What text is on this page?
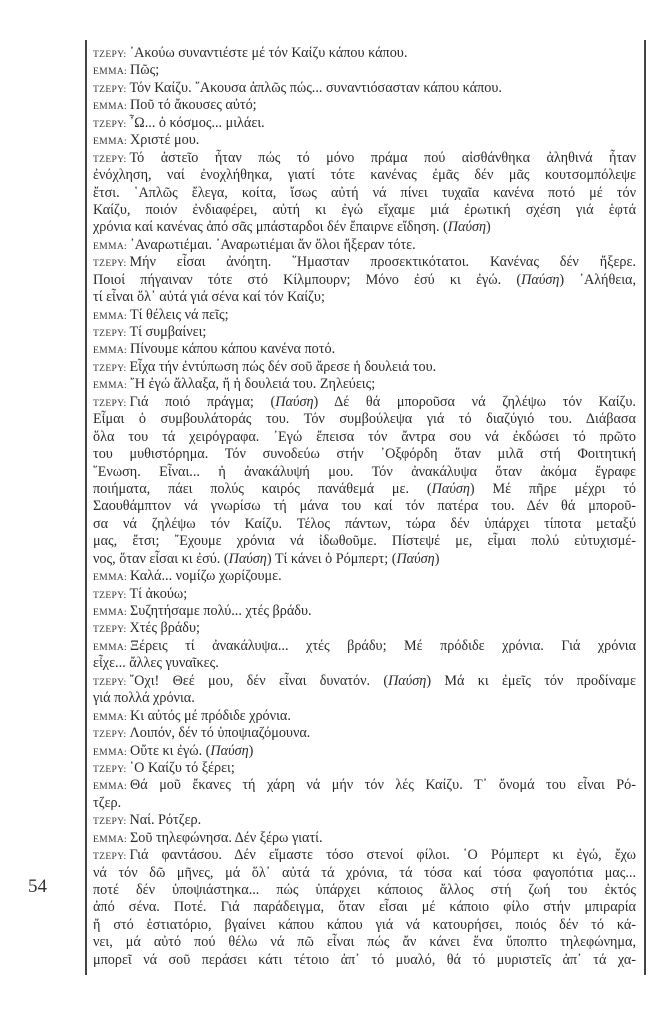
54
ΤΖΕΡΥ: ᾿Ακούω συναντιέστε μέ τόν Καίζυ κάπου κάπου.
ΕΜΜΑ: Πῶς;
ΤΖΕΡΥ: Τόν Καίζυ. ῎Ακουσα ἁπλῶς πώς... συναντιόσασταν κάπου κάπου.
ΕΜΜΑ: Ποῦ τό ἄκουσες αὐτό;
ΤΖΕΡΥ: ῏Ω... ὁ κόσμος... μιλάει.
ΕΜΜΑ: Χριστέ μου.
ΤΖΕΡΥ: Τό ἀστεῖο ἦταν πώς τό μόνο πράμα πού αἰσθάνθηκα ἀληθινά ἦταν
ἐνόχληση, ναί ἐνοχλήθηκα, γιατί τότε κανένας ἐμᾶς δέν μᾶς κουτσομπόλεψε
ἔτσι. ῾Απλῶς ἔλεγα, κοίτα, ἴσως αὐτή νά πίνει τυχαῖα κανένα ποτό μέ τόν
Καίζυ, ποιόν ἐνδιαφέρει, αὐτή κι ἐγώ εἴχαμε μιά ἐρωτική σχέση γιά ἑφτά
χρόνια καί κανένας ἀπό σᾶς μπάσταρδοι δέν ἔπαιρνε εἴδηση. (Παύση)
ΕΜΜΑ: ᾿Αναρωτιέμαι. ᾿Αναρωτιέμαι ἄν ὅλοι ἤξεραν τότε.
ΤΖΕΡΥ: Μήν εἶσαι ἀνόητη. ῞Ημασταν προσεκτικότατοι. Κανένας δέν ἤξερε.
Ποιοί πήγαιναν τότε στό Κίλμπουρν; Μόνο ἐσύ κι ἐγώ. (Παύση) ᾿Αλήθεια,
τί εἶναι ὅλ᾿ αὐτά γιά σένα καί τόν Καίζυ;
ΕΜΜΑ: Τί θέλεις νά πεῖς;
ΤΖΕΡΥ: Τί συμβαίνει;
ΕΜΜΑ: Πίνουμε κάπου κάπου κανένα ποτό.
ΤΖΕΡΥ: Εἶχα τήν ἐντύπωση πώς δέν σοῦ ἄρεσε ἡ δουλειά του.
ΕΜΜΑ: ῎Η ἐγώ ἄλλαξα, ἤ ἡ δουλειά του. Ζηλεύεις;
ΤΖΕΡΥ: Γιά ποιό πράγμα; (Παύση) Δέ θά μποροῦσα νά ζηλέψω τόν Καίζυ.
Εἶμαι ὁ συμβουλάτοράς του. Τόν συμβούλεψα γιά τό διαζύγιό του. Διάβασα
ὅλα του τά χειρόγραφα. ᾿Εγώ ἔπεισα τόν ἄντρα σου νά ἐκδώσει τό πρῶτο
του μυθιστόρημα. Τόν συνοδεύω στήν ᾿Οξφόρδη ὅταν μιλᾶ στή Φοιτητική
῞Ενωση. Εἶναι... ἡ ἀνακάλυψή μου. Τόν ἀνακάλυψα ὅταν ἀκόμα ἔγραφε
ποιήματα, πάει πολύς καιρός πανάθεμά με. (Παύση) Μέ πῆρε μέχρι τό
Σαουθάμπτον νά γνωρίσω τή μάνα του καί τόν πατέρα του. Δέν θά μποροῦ-
σα νά ζηλέψω τόν Καίζυ. Τέλος πάντων, τώρα δέν ὑπάρχει τίποτα μεταξύ
μας, ἔτσι; ῎Εχουμε χρόνια νά ἰδωθοῦμε. Πίστεψέ με, εἶμαι πολύ εὐτυχισμέ-
νος, ὅταν εἶσαι κι ἐσύ. (Παύση) Τί κάνει ὁ Ρόμπερτ; (Παύση)
ΕΜΜΑ: Καλά... νομίζω χωρίζουμε.
ΤΖΕΡΥ: Τί ἀκούω;
ΕΜΜΑ: Συζητήσαμε πολύ... χτές βράδυ.
ΤΖΕΡΥ: Χτές βράδυ;
ΕΜΜΑ: Ξέρεις τί ἀνακάλυψα... χτές βράδυ; Μέ πρόδιδε χρόνια. Γιά χρόνια
εἶχε... ἄλλες γυναῖκες.
ΤΖΕΡΥ: ῎Οχι! Θεέ μου, δέν εἶναι δυνατόν. (Παύση) Μά κι ἐμεῖς τόν προδίναμε
γιά πολλά χρόνια.
ΕΜΜΑ: Κι αὐτός μέ πρόδιδε χρόνια.
ΤΖΕΡΥ: Λοιπόν, δέν τό ὑποψιαζόμουνα.
ΕΜΜΑ: Οὔτε κι ἐγώ. (Παύση)
ΤΖΕΡΥ: ῾Ο Καίζυ τό ξέρει;
ΕΜΜΑ: Θά μοῦ ἔκανες τή χάρη νά μήν τόν λές Καίζυ. Τ᾿ ὄνομά του εἶναι Ρό-
τζερ.
ΤΖΕΡΥ: Ναί. Ρότζερ.
ΕΜΜΑ: Σοῦ τηλεφώνησα. Δέν ξέρω γιατί.
ΤΖΕΡΥ: Γιά φαντάσου. Δέν εἴμαστε τόσο στενοί φίλοι. ῾Ο Ρόμπερτ κι ἐγώ, ἔχω
νά τόν δῶ μῆνες, μά ὅλ᾿ αὐτά τά χρόνια, τά τόσα καί τόσα φαγοπότια μας...
ποτέ δέν ὑποψιάστηκα... πώς ὑπάρχει κάποιος ἄλλος στή ζωή του ἐκτός
ἀπό σένα. Ποτέ. Γιά παράδειγμα, ὅταν εἶσαι μέ κάποιο φίλο στήν μπιραρία
ἤ στό ἑστιατόριο, βγαίνει κάπου κάπου γιά νά κατουρήσει, ποιός δέν τό κά-
νει, μά αὐτό πού θέλω νά πῶ εἶναι πώς ἄν κάνει ἕνα ὕποπτο τηλεφώνημα,
μπορεῖ νά σοῦ περάσει κάτι τέτοιο ἀπ᾿ τό μυαλό, θά τό μυριστεῖς ἀπ᾿ τά χα-
